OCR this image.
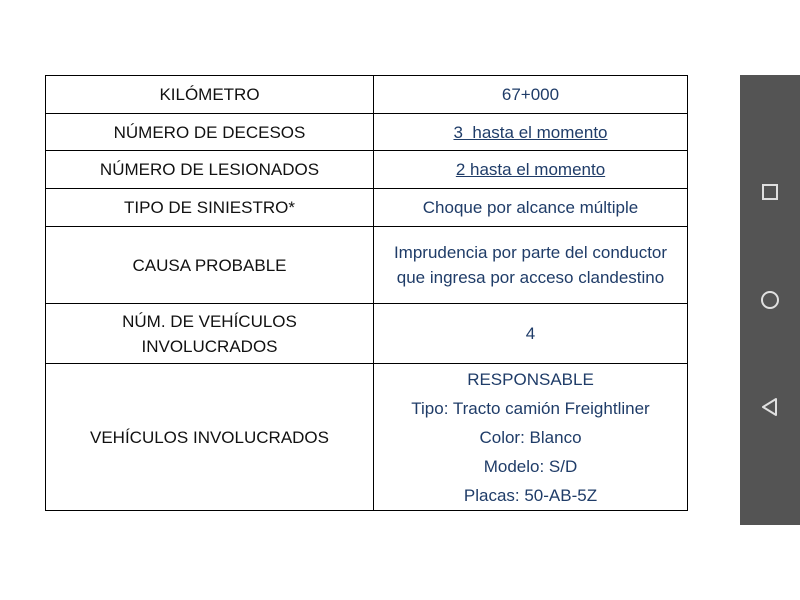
KILÓMETRO	67+000
NÚMERO DE DECESOS	3  hasta el momento
NÚMERO DE LESIONADOS	2 hasta el momento
TIPO DE SINIESTRO*	Choque por alcance múltiple
CAUSA PROBABLE	Imprudencia por parte del conductor que ingresa por acceso clandestino

NÚM. DE VEHÍCULOS
INVOLUCRADOS	4
VEHÍCULOS INVOLUCRADOS	RESPONSABLE
Tipo: Tracto camión Freightliner
Color: Blanco
Modelo: S/D
Placas: 50-AB-5Z
